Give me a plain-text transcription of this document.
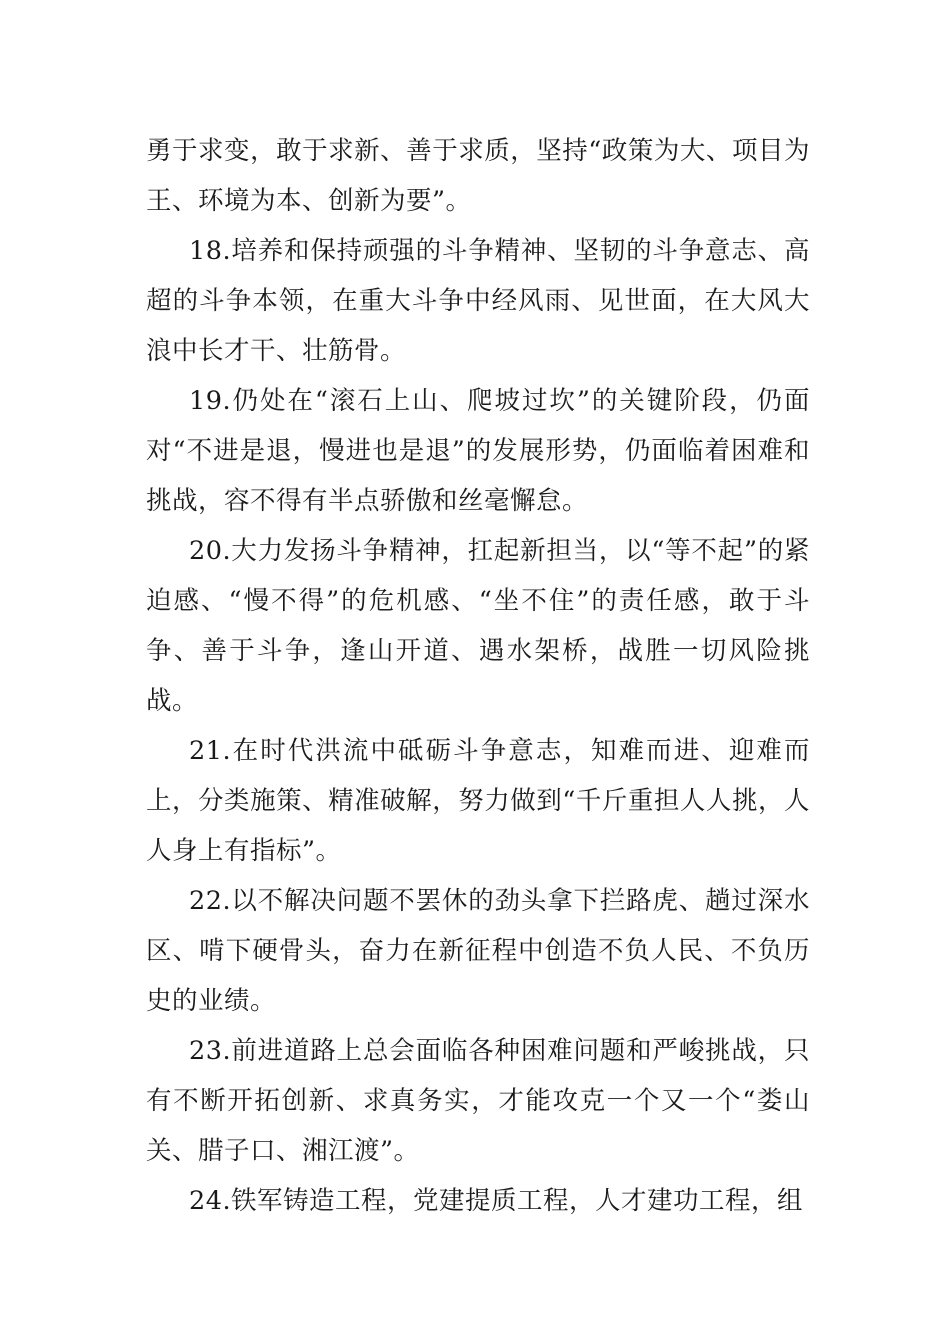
勇于求变，敢于求新、善于求质，坚持“政策为大、项目为王、环境为本、创新为要”。

18.培养和保持顽强的斗争精神、坚韧的斗争意志、高超的斗争本领，在重大斗争中经风雨、见世面，在大风大浪中长才干、壮筋骨。

19.仍处在“滚石上山、爬坡过坎”的关键阶段，仍面对“不进是退，慢进也是退”的发展形势，仍面临着困难和挑战，容不得有半点骄傲和丝毫懈怠。

20.大力发扬斗争精神，扛起新担当，以“等不起”的紧迫感、“慢不得”的危机感、“坐不住”的责任感，敢于斗争、善于斗争，逢山开道、遇水架桥，战胜一切风险挑战。

21.在时代洪流中砥砺斗争意志，知难而进、迎难而上，分类施策、精准破解，努力做到“千斤重担人人挑，人人身上有指标”。

22.以不解决问题不罢休的劲头拿下拦路虎、趟过深水区、啃下硬骨头，奋力在新征程中创造不负人民、不负历史的业绩。

23.前进道路上总会面临各种困难问题和严峻挑战，只有不断开拓创新、求真务实，才能攻克一个又一个“娄山关、腊子口、湘江渡”。

24.铁军铸造工程，党建提质工程，人才建功工程，组
